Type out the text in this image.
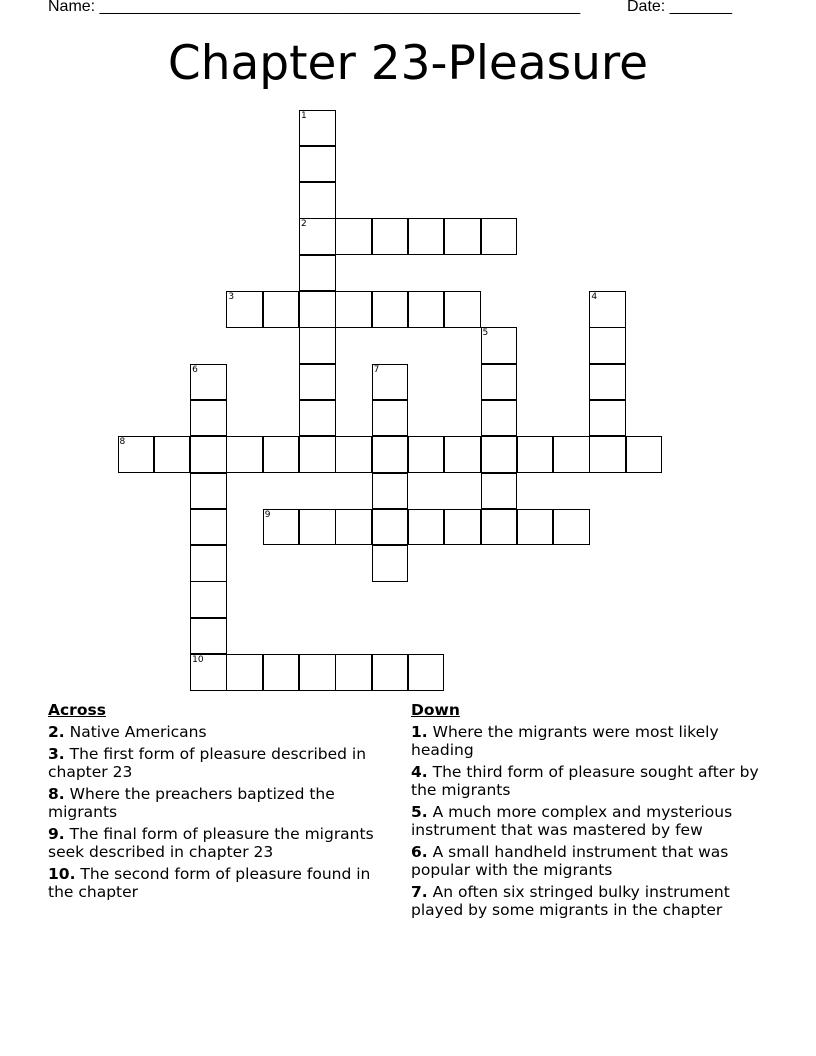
Name: ______________________________________________________	Date: _______
Chapter 23-Pleasure
1
2
3	4
5
6
10
7
8
9
Across
2. Native Americans
3. The first form of pleasure described in chapter 23
8. Where the preachers baptized the migrants
9. The final form of pleasure the migrants seek described in chapter 23
10. The second form of pleasure found in the chapter
Down
1. Where the migrants were most likely heading
4. The third form of pleasure sought after by the migrants
5. A much more complex and mysterious instrument that was mastered by few
6. A small handheld instrument that was popular with the migrants
7. An often six stringed bulky instrument played by some migrants in the chapter
